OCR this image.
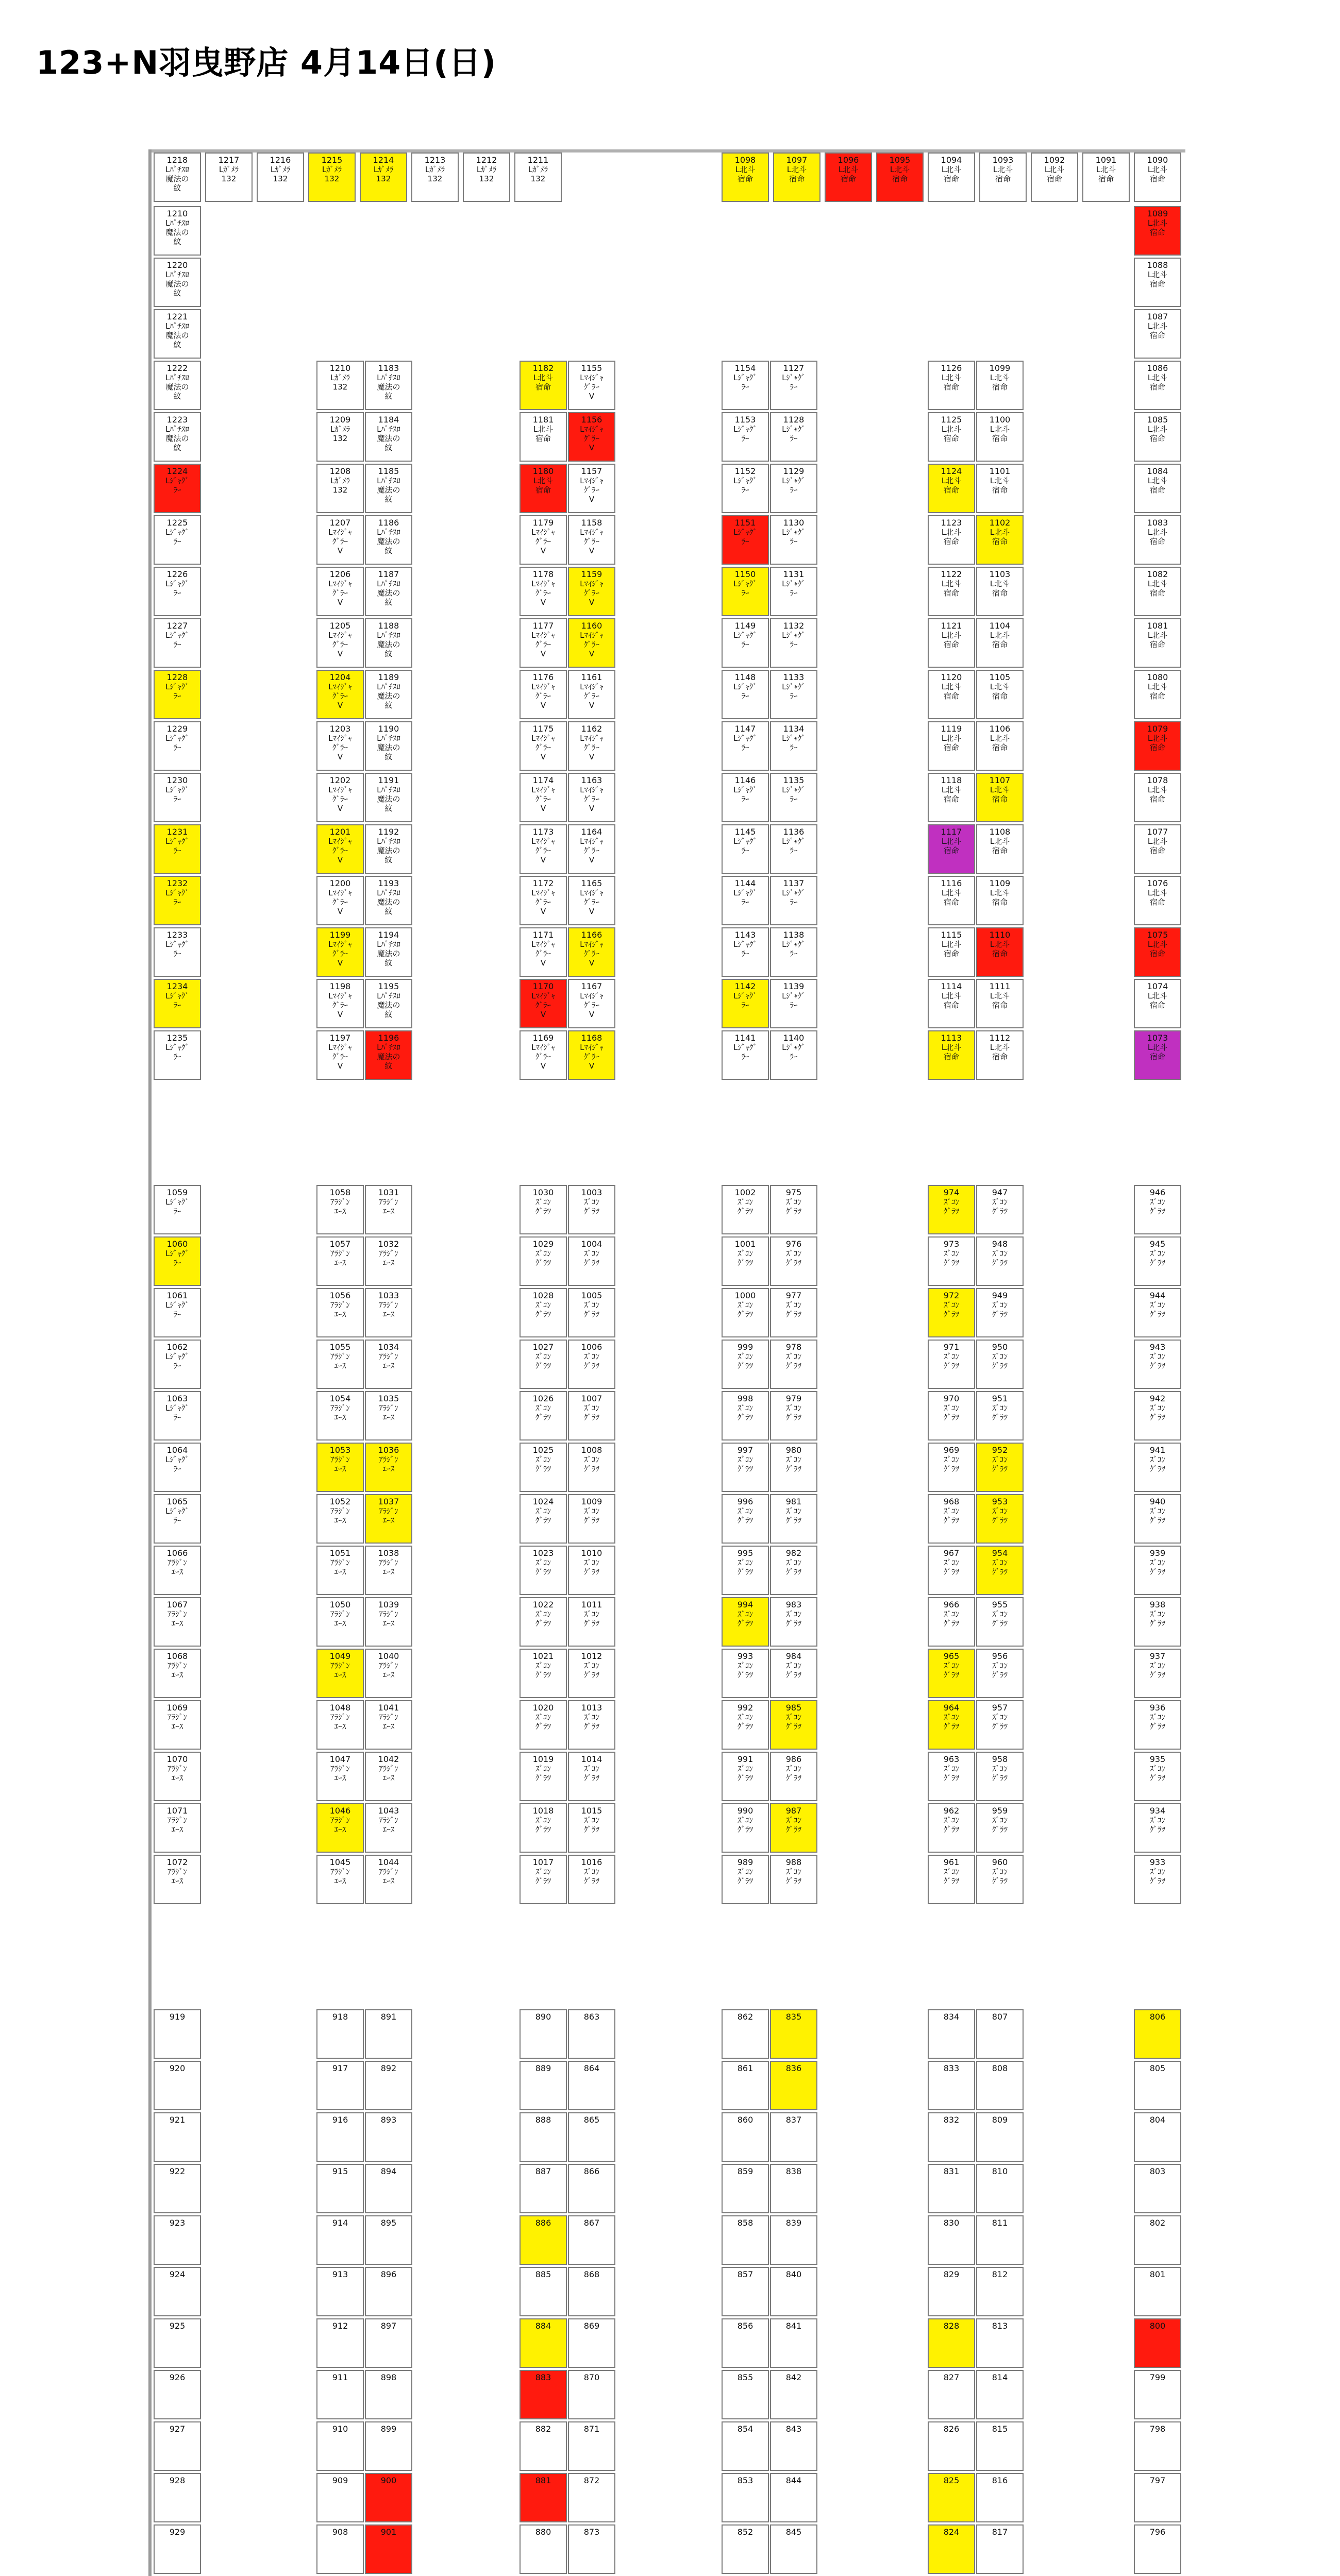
123+N羽曳野店 4月14日(日)
1218
Lﾊﾟﾁｽﾛ
魔法の
紋
1217
Lｶﾞﾒﾗ
132
1216
Lｶﾞﾒﾗ
132
1215
Lｶﾞﾒﾗ
132
1214
Lｶﾞﾒﾗ
132
1213
Lｶﾞﾒﾗ
132
1212
Lｶﾞﾒﾗ
132
1211
Lｶﾞﾒﾗ
132
1098
L北斗
宿命
1097
L北斗
宿命
1096
L北斗
宿命
1095
L北斗
宿命
1094
L北斗
宿命
1093
L北斗
宿命
1092
L北斗
宿命
1091
L北斗
宿命
1090
L北斗
宿命
1210
Lﾊﾟﾁｽﾛ
魔法の
紋
1220
Lﾊﾟﾁｽﾛ
魔法の
紋
1221
Lﾊﾟﾁｽﾛ
魔法の
紋
1222
Lﾊﾟﾁｽﾛ
魔法の
紋
1223
Lﾊﾟﾁｽﾛ
魔法の
紋
1224
Lｼﾞｬｸﾞ
ﾗｰ
1225
Lｼﾞｬｸﾞ
ﾗｰ
1226
Lｼﾞｬｸﾞ
ﾗｰ
1227
Lｼﾞｬｸﾞ
ﾗｰ
1228
Lｼﾞｬｸﾞ
ﾗｰ
1229
Lｼﾞｬｸﾞ
ﾗｰ
1230
Lｼﾞｬｸﾞ
ﾗｰ
1231
Lｼﾞｬｸﾞ
ﾗｰ
1232
Lｼﾞｬｸﾞ
ﾗｰ
1233
Lｼﾞｬｸﾞ
ﾗｰ
1234
Lｼﾞｬｸﾞ
ﾗｰ
1235
Lｼﾞｬｸﾞ
ﾗｰ
1210
Lｶﾞﾒﾗ
132
1209
Lｶﾞﾒﾗ
132
1208
Lｶﾞﾒﾗ
132
1207
Lﾏｲｼﾞｬ
ｸﾞﾗｰ
V
1206
Lﾏｲｼﾞｬ
ｸﾞﾗｰ
V
1205
Lﾏｲｼﾞｬ
ｸﾞﾗｰ
V
1204
Lﾏｲｼﾞｬ
ｸﾞﾗｰ
V
1203
Lﾏｲｼﾞｬ
ｸﾞﾗｰ
V
1202
Lﾏｲｼﾞｬ
ｸﾞﾗｰ
V
1201
Lﾏｲｼﾞｬ
ｸﾞﾗｰ
V
1200
Lﾏｲｼﾞｬ
ｸﾞﾗｰ
V
1199
Lﾏｲｼﾞｬ
ｸﾞﾗｰ
V
1198
Lﾏｲｼﾞｬ
ｸﾞﾗｰ
V
1197
Lﾏｲｼﾞｬ
ｸﾞﾗｰ
V
1183
Lﾊﾟﾁｽﾛ
魔法の
紋
1184
Lﾊﾟﾁｽﾛ
魔法の
紋
1185
Lﾊﾟﾁｽﾛ
魔法の
紋
1186
Lﾊﾟﾁｽﾛ
魔法の
紋
1187
Lﾊﾟﾁｽﾛ
魔法の
紋
1188
Lﾊﾟﾁｽﾛ
魔法の
紋
1189
Lﾊﾟﾁｽﾛ
魔法の
紋
1190
Lﾊﾟﾁｽﾛ
魔法の
紋
1191
Lﾊﾟﾁｽﾛ
魔法の
紋
1192
Lﾊﾟﾁｽﾛ
魔法の
紋
1193
Lﾊﾟﾁｽﾛ
魔法の
紋
1194
Lﾊﾟﾁｽﾛ
魔法の
紋
1195
Lﾊﾟﾁｽﾛ
魔法の
紋
1196
Lﾊﾟﾁｽﾛ
魔法の
紋
1182
L北斗
宿命
1181
L北斗
宿命
1180
L北斗
宿命
1179
Lﾏｲｼﾞｬ
ｸﾞﾗｰ
V
1178
Lﾏｲｼﾞｬ
ｸﾞﾗｰ
V
1177
Lﾏｲｼﾞｬ
ｸﾞﾗｰ
V
1176
Lﾏｲｼﾞｬ
ｸﾞﾗｰ
V
1175
Lﾏｲｼﾞｬ
ｸﾞﾗｰ
V
1174
Lﾏｲｼﾞｬ
ｸﾞﾗｰ
V
1173
Lﾏｲｼﾞｬ
ｸﾞﾗｰ
V
1172
Lﾏｲｼﾞｬ
ｸﾞﾗｰ
V
1171
Lﾏｲｼﾞｬ
ｸﾞﾗｰ
V
1170
Lﾏｲｼﾞｬ
ｸﾞﾗｰ
V
1169
Lﾏｲｼﾞｬ
ｸﾞﾗｰ
V
1155
Lﾏｲｼﾞｬ
ｸﾞﾗｰ
V
1156
Lﾏｲｼﾞｬ
ｸﾞﾗｰ
V
1157
Lﾏｲｼﾞｬ
ｸﾞﾗｰ
V
1158
Lﾏｲｼﾞｬ
ｸﾞﾗｰ
V
1159
Lﾏｲｼﾞｬ
ｸﾞﾗｰ
V
1160
Lﾏｲｼﾞｬ
ｸﾞﾗｰ
V
1161
Lﾏｲｼﾞｬ
ｸﾞﾗｰ
V
1162
Lﾏｲｼﾞｬ
ｸﾞﾗｰ
V
1163
Lﾏｲｼﾞｬ
ｸﾞﾗｰ
V
1164
Lﾏｲｼﾞｬ
ｸﾞﾗｰ
V
1165
Lﾏｲｼﾞｬ
ｸﾞﾗｰ
V
1166
Lﾏｲｼﾞｬ
ｸﾞﾗｰ
V
1167
Lﾏｲｼﾞｬ
ｸﾞﾗｰ
V
1168
Lﾏｲｼﾞｬ
ｸﾞﾗｰ
V
1154
Lｼﾞｬｸﾞ
ﾗｰ
1153
Lｼﾞｬｸﾞ
ﾗｰ
1152
Lｼﾞｬｸﾞ
ﾗｰ
1151
Lｼﾞｬｸﾞ
ﾗｰ
1150
Lｼﾞｬｸﾞ
ﾗｰ
1149
Lｼﾞｬｸﾞ
ﾗｰ
1148
Lｼﾞｬｸﾞ
ﾗｰ
1147
Lｼﾞｬｸﾞ
ﾗｰ
1146
Lｼﾞｬｸﾞ
ﾗｰ
1145
Lｼﾞｬｸﾞ
ﾗｰ
1144
Lｼﾞｬｸﾞ
ﾗｰ
1143
Lｼﾞｬｸﾞ
ﾗｰ
1142
Lｼﾞｬｸﾞ
ﾗｰ
1141
Lｼﾞｬｸﾞ
ﾗｰ
1127
Lｼﾞｬｸﾞ
ﾗｰ
1128
Lｼﾞｬｸﾞ
ﾗｰ
1129
Lｼﾞｬｸﾞ
ﾗｰ
1130
Lｼﾞｬｸﾞ
ﾗｰ
1131
Lｼﾞｬｸﾞ
ﾗｰ
1132
Lｼﾞｬｸﾞ
ﾗｰ
1133
Lｼﾞｬｸﾞ
ﾗｰ
1134
Lｼﾞｬｸﾞ
ﾗｰ
1135
Lｼﾞｬｸﾞ
ﾗｰ
1136
Lｼﾞｬｸﾞ
ﾗｰ
1137
Lｼﾞｬｸﾞ
ﾗｰ
1138
Lｼﾞｬｸﾞ
ﾗｰ
1139
Lｼﾞｬｸﾞ
ﾗｰ
1140
Lｼﾞｬｸﾞ
ﾗｰ
1126
L北斗
宿命
1125
L北斗
宿命
1124
L北斗
宿命
1123
L北斗
宿命
1122
L北斗
宿命
1121
L北斗
宿命
1120
L北斗
宿命
1119
L北斗
宿命
1118
L北斗
宿命
1117
L北斗
宿命
1116
L北斗
宿命
1115
L北斗
宿命
1114
L北斗
宿命
1113
L北斗
宿命
1099
L北斗
宿命
1100
L北斗
宿命
1101
L北斗
宿命
1102
L北斗
宿命
1103
L北斗
宿命
1104
L北斗
宿命
1105
L北斗
宿命
1106
L北斗
宿命
1107
L北斗
宿命
1108
L北斗
宿命
1109
L北斗
宿命
1110
L北斗
宿命
1111
L北斗
宿命
1112
L北斗
宿命
1089
L北斗
宿命
1088
L北斗
宿命
1087
L北斗
宿命
1086
L北斗
宿命
1085
L北斗
宿命
1084
L北斗
宿命
1083
L北斗
宿命
1082
L北斗
宿命
1081
L北斗
宿命
1080
L北斗
宿命
1079
L北斗
宿命
1078
L北斗
宿命
1077
L北斗
宿命
1076
L北斗
宿命
1075
L北斗
宿命
1074
L北斗
宿命
1073
L北斗
宿命
1059
Lｼﾞｬｸﾞ
ﾗｰ
1060
Lｼﾞｬｸﾞ
ﾗｰ
1061
Lｼﾞｬｸﾞ
ﾗｰ
1062
Lｼﾞｬｸﾞ
ﾗｰ
1063
Lｼﾞｬｸﾞ
ﾗｰ
1064
Lｼﾞｬｸﾞ
ﾗｰ
1065
Lｼﾞｬｸﾞ
ﾗｰ
1066
ｱﾗｼﾞﾝ
ｴｰｽ
1067
ｱﾗｼﾞﾝ
ｴｰｽ
1068
ｱﾗｼﾞﾝ
ｴｰｽ
1069
ｱﾗｼﾞﾝ
ｴｰｽ
1070
ｱﾗｼﾞﾝ
ｴｰｽ
1071
ｱﾗｼﾞﾝ
ｴｰｽ
1072
ｱﾗｼﾞﾝ
ｴｰｽ
1058
ｱﾗｼﾞﾝ
ｴｰｽ
1057
ｱﾗｼﾞﾝ
ｴｰｽ
1056
ｱﾗｼﾞﾝ
ｴｰｽ
1055
ｱﾗｼﾞﾝ
ｴｰｽ
1054
ｱﾗｼﾞﾝ
ｴｰｽ
1053
ｱﾗｼﾞﾝ
ｴｰｽ
1052
ｱﾗｼﾞﾝ
ｴｰｽ
1051
ｱﾗｼﾞﾝ
ｴｰｽ
1050
ｱﾗｼﾞﾝ
ｴｰｽ
1049
ｱﾗｼﾞﾝ
ｴｰｽ
1048
ｱﾗｼﾞﾝ
ｴｰｽ
1047
ｱﾗｼﾞﾝ
ｴｰｽ
1046
ｱﾗｼﾞﾝ
ｴｰｽ
1045
ｱﾗｼﾞﾝ
ｴｰｽ
1031
ｱﾗｼﾞﾝ
ｴｰｽ
1032
ｱﾗｼﾞﾝ
ｴｰｽ
1033
ｱﾗｼﾞﾝ
ｴｰｽ
1034
ｱﾗｼﾞﾝ
ｴｰｽ
1035
ｱﾗｼﾞﾝ
ｴｰｽ
1036
ｱﾗｼﾞﾝ
ｴｰｽ
1037
ｱﾗｼﾞﾝ
ｴｰｽ
1038
ｱﾗｼﾞﾝ
ｴｰｽ
1039
ｱﾗｼﾞﾝ
ｴｰｽ
1040
ｱﾗｼﾞﾝ
ｴｰｽ
1041
ｱﾗｼﾞﾝ
ｴｰｽ
1042
ｱﾗｼﾞﾝ
ｴｰｽ
1043
ｱﾗｼﾞﾝ
ｴｰｽ
1044
ｱﾗｼﾞﾝ
ｴｰｽ
1030
ｽﾞｺﾝ
ｸﾞﾗﾂ
1029
ｽﾞｺﾝ
ｸﾞﾗﾂ
1028
ｽﾞｺﾝ
ｸﾞﾗﾂ
1027
ｽﾞｺﾝ
ｸﾞﾗﾂ
1026
ｽﾞｺﾝ
ｸﾞﾗﾂ
1025
ｽﾞｺﾝ
ｸﾞﾗﾂ
1024
ｽﾞｺﾝ
ｸﾞﾗﾂ
1023
ｽﾞｺﾝ
ｸﾞﾗﾂ
1022
ｽﾞｺﾝ
ｸﾞﾗﾂ
1021
ｽﾞｺﾝ
ｸﾞﾗﾂ
1020
ｽﾞｺﾝ
ｸﾞﾗﾂ
1019
ｽﾞｺﾝ
ｸﾞﾗﾂ
1018
ｽﾞｺﾝ
ｸﾞﾗﾂ
1017
ｽﾞｺﾝ
ｸﾞﾗﾂ
1003
ｽﾞｺﾝ
ｸﾞﾗﾂ
1004
ｽﾞｺﾝ
ｸﾞﾗﾂ
1005
ｽﾞｺﾝ
ｸﾞﾗﾂ
1006
ｽﾞｺﾝ
ｸﾞﾗﾂ
1007
ｽﾞｺﾝ
ｸﾞﾗﾂ
1008
ｽﾞｺﾝ
ｸﾞﾗﾂ
1009
ｽﾞｺﾝ
ｸﾞﾗﾂ
1010
ｽﾞｺﾝ
ｸﾞﾗﾂ
1011
ｽﾞｺﾝ
ｸﾞﾗﾂ
1012
ｽﾞｺﾝ
ｸﾞﾗﾂ
1013
ｽﾞｺﾝ
ｸﾞﾗﾂ
1014
ｽﾞｺﾝ
ｸﾞﾗﾂ
1015
ｽﾞｺﾝ
ｸﾞﾗﾂ
1016
ｽﾞｺﾝ
ｸﾞﾗﾂ
1002
ｽﾞｺﾝ
ｸﾞﾗﾂ
1001
ｽﾞｺﾝ
ｸﾞﾗﾂ
1000
ｽﾞｺﾝ
ｸﾞﾗﾂ
999
ｽﾞｺﾝ
ｸﾞﾗﾂ
998
ｽﾞｺﾝ
ｸﾞﾗﾂ
997
ｽﾞｺﾝ
ｸﾞﾗﾂ
996
ｽﾞｺﾝ
ｸﾞﾗﾂ
995
ｽﾞｺﾝ
ｸﾞﾗﾂ
994
ｽﾞｺﾝ
ｸﾞﾗﾂ
993
ｽﾞｺﾝ
ｸﾞﾗﾂ
992
ｽﾞｺﾝ
ｸﾞﾗﾂ
991
ｽﾞｺﾝ
ｸﾞﾗﾂ
990
ｽﾞｺﾝ
ｸﾞﾗﾂ
989
ｽﾞｺﾝ
ｸﾞﾗﾂ
975
ｽﾞｺﾝ
ｸﾞﾗﾂ
976
ｽﾞｺﾝ
ｸﾞﾗﾂ
977
ｽﾞｺﾝ
ｸﾞﾗﾂ
978
ｽﾞｺﾝ
ｸﾞﾗﾂ
979
ｽﾞｺﾝ
ｸﾞﾗﾂ
980
ｽﾞｺﾝ
ｸﾞﾗﾂ
981
ｽﾞｺﾝ
ｸﾞﾗﾂ
982
ｽﾞｺﾝ
ｸﾞﾗﾂ
983
ｽﾞｺﾝ
ｸﾞﾗﾂ
984
ｽﾞｺﾝ
ｸﾞﾗﾂ
985
ｽﾞｺﾝ
ｸﾞﾗﾂ
986
ｽﾞｺﾝ
ｸﾞﾗﾂ
987
ｽﾞｺﾝ
ｸﾞﾗﾂ
988
ｽﾞｺﾝ
ｸﾞﾗﾂ
974
ｽﾞｺﾝ
ｸﾞﾗﾂ
973
ｽﾞｺﾝ
ｸﾞﾗﾂ
972
ｽﾞｺﾝ
ｸﾞﾗﾂ
971
ｽﾞｺﾝ
ｸﾞﾗﾂ
970
ｽﾞｺﾝ
ｸﾞﾗﾂ
969
ｽﾞｺﾝ
ｸﾞﾗﾂ
968
ｽﾞｺﾝ
ｸﾞﾗﾂ
967
ｽﾞｺﾝ
ｸﾞﾗﾂ
966
ｽﾞｺﾝ
ｸﾞﾗﾂ
965
ｽﾞｺﾝ
ｸﾞﾗﾂ
964
ｽﾞｺﾝ
ｸﾞﾗﾂ
963
ｽﾞｺﾝ
ｸﾞﾗﾂ
962
ｽﾞｺﾝ
ｸﾞﾗﾂ
961
ｽﾞｺﾝ
ｸﾞﾗﾂ
947
ｽﾞｺﾝ
ｸﾞﾗﾂ
948
ｽﾞｺﾝ
ｸﾞﾗﾂ
949
ｽﾞｺﾝ
ｸﾞﾗﾂ
950
ｽﾞｺﾝ
ｸﾞﾗﾂ
951
ｽﾞｺﾝ
ｸﾞﾗﾂ
952
ｽﾞｺﾝ
ｸﾞﾗﾂ
953
ｽﾞｺﾝ
ｸﾞﾗﾂ
954
ｽﾞｺﾝ
ｸﾞﾗﾂ
955
ｽﾞｺﾝ
ｸﾞﾗﾂ
956
ｽﾞｺﾝ
ｸﾞﾗﾂ
957
ｽﾞｺﾝ
ｸﾞﾗﾂ
958
ｽﾞｺﾝ
ｸﾞﾗﾂ
959
ｽﾞｺﾝ
ｸﾞﾗﾂ
960
ｽﾞｺﾝ
ｸﾞﾗﾂ
946
ｽﾞｺﾝ
ｸﾞﾗﾂ
945
ｽﾞｺﾝ
ｸﾞﾗﾂ
944
ｽﾞｺﾝ
ｸﾞﾗﾂ
943
ｽﾞｺﾝ
ｸﾞﾗﾂ
942
ｽﾞｺﾝ
ｸﾞﾗﾂ
941
ｽﾞｺﾝ
ｸﾞﾗﾂ
940
ｽﾞｺﾝ
ｸﾞﾗﾂ
939
ｽﾞｺﾝ
ｸﾞﾗﾂ
938
ｽﾞｺﾝ
ｸﾞﾗﾂ
937
ｽﾞｺﾝ
ｸﾞﾗﾂ
936
ｽﾞｺﾝ
ｸﾞﾗﾂ
935
ｽﾞｺﾝ
ｸﾞﾗﾂ
934
ｽﾞｺﾝ
ｸﾞﾗﾂ
933
ｽﾞｺﾝ
ｸﾞﾗﾂ
919
920
921
922
923
924
925
926
927
928
929
918
917
916
915
914
913
912
911
910
909
908
891
892
893
894
895
896
897
898
899
900
901
890
889
888
887
886
885
884
883
882
881
880
863
864
865
866
867
868
869
870
871
872
873
862
861
860
859
858
857
856
855
854
853
852
835
836
837
838
839
840
841
842
843
844
845
834
833
832
831
830
829
828
827
826
825
824
807
808
809
810
811
812
813
814
815
816
817
806
805
804
803
802
801
800
799
798
797
796
